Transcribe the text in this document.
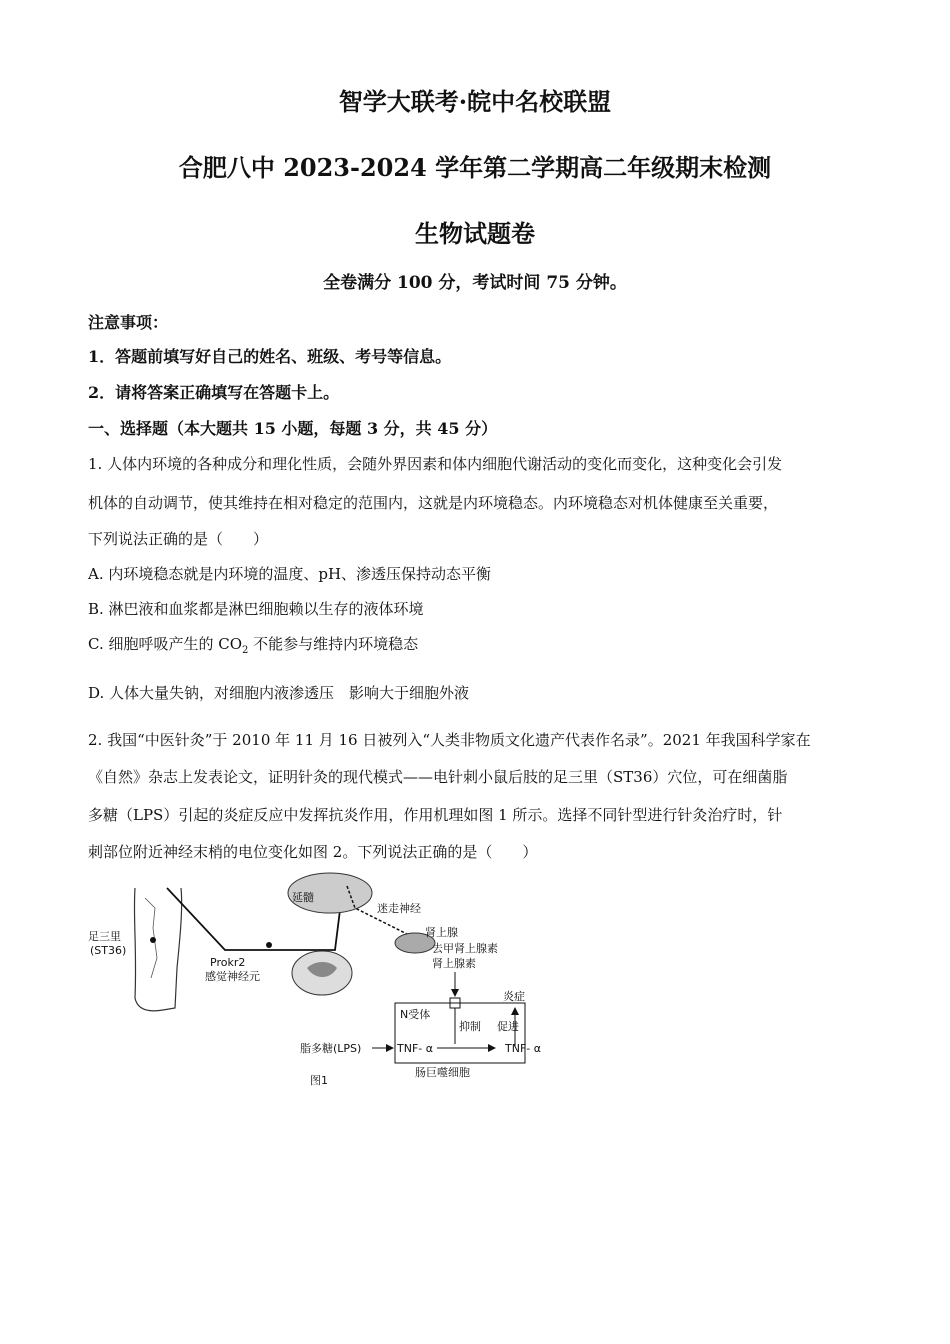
智学大联考·皖中名校联盟
合肥八中 2023-2024 学年第二学期高二年级期末检测
生物试题卷
全卷满分 100 分，考试时间 75 分钟。
注意事项：
1．答题前填写好自己的姓名、班级、考号等信息。
2．请将答案正确填写在答题卡上。
一、选择题（本大题共 15 小题，每题 3 分，共 45 分）
1. 人体内环境的各种成分和理化性质，会随外界因素和体内细胞代谢活动的变化而变化，这种变化会引发
机体的自动调节，使其维持在相对稳定的范围内，这就是内环境稳态。内环境稳态对机体健康至关重要，
下列说法正确的是（　　）
A. 内环境稳态就是内环境的温度、pH、渗透压保持动态平衡
B. 淋巴液和血浆都是淋巴细胞赖以生存的液体环境
C. 细胞呼吸产生的 $CO_2$ 不能参与维持内环境稳态
D. 人体大量失钠，对细胞内液渗透压　影响大于细胞外液
2. 我国“中医针灸”于 2010 年 11 月 16 日被列入“人类非物质文化遗产代表作名录”。2021 年我国科学家在
《自然》杂志上发表论文，证明针灸的现代模式——电针刺小鼠后肢的足三里（ST36）穴位，可在细菌脂
多糖（LPS）引起的炎症反应中发挥抗炎作用，作用机理如图 1 所示。选择不同针型进行针灸治疗时，针
刺部位附近神经末梢的电位变化如图 2。下列说法正确的是（　　）
延髓
迷走神经
肾上腺
去甲肾上腺素
肾上腺素
足三里
(ST36)
Prokr2
感觉神经元
N受体
抑制 促进
炎症
脂多糖(LPS)	TNF- α	TNF- α
肠巨噬细胞
图1
